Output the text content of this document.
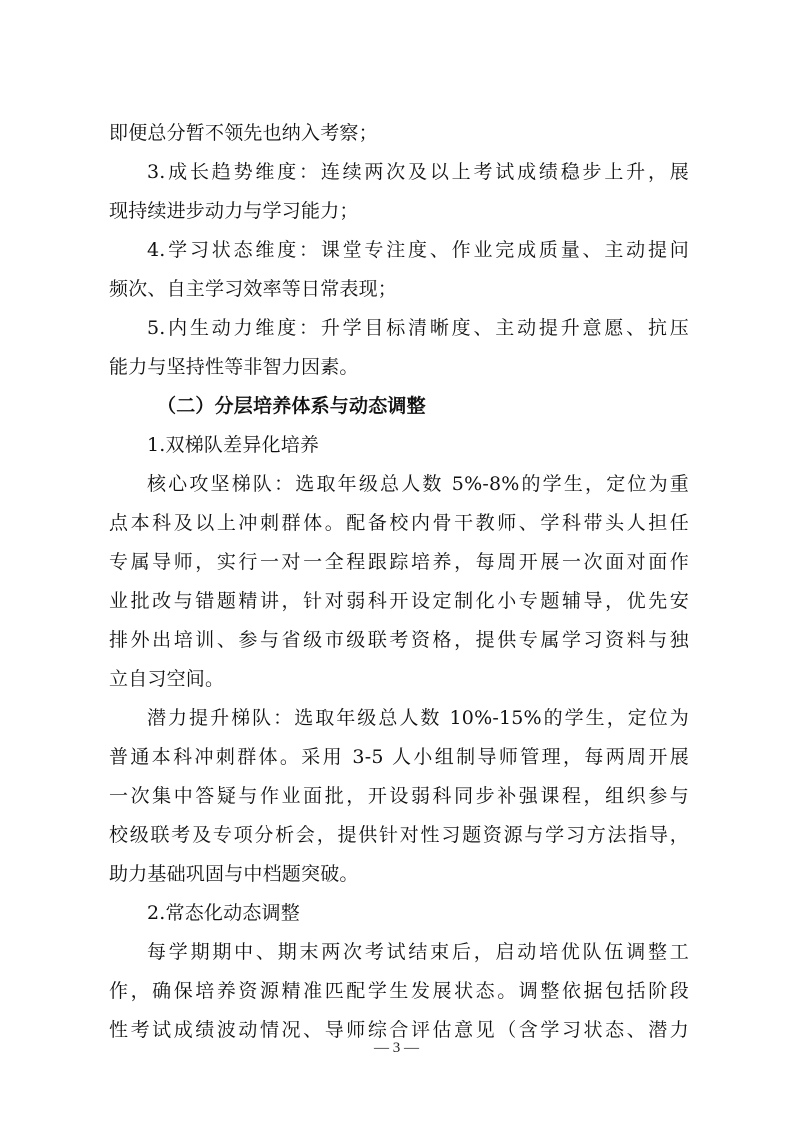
即便总分暂不领先也纳入考察；
3.成长趋势维度：连续两次及以上考试成绩稳步上升，展
现持续进步动力与学习能力；
4.学习状态维度：课堂专注度、作业完成质量、主动提问
频次、自主学习效率等日常表现；
5.内生动力维度：升学目标清晰度、主动提升意愿、抗压
能力与坚持性等非智力因素。
（二）分层培养体系与动态调整
1.双梯队差异化培养
核心攻坚梯队：选取年级总人数 5%-8%的学生，定位为重
点本科及以上冲刺群体。配备校内骨干教师、学科带头人担任
专属导师，实行一对一全程跟踪培养，每周开展一次面对面作
业批改与错题精讲，针对弱科开设定制化小专题辅导，优先安
排外出培训、参与省级市级联考资格，提供专属学习资料与独
立自习空间。
潜力提升梯队：选取年级总人数 10%-15%的学生，定位为
普通本科冲刺群体。采用 3-5 人小组制导师管理，每两周开展
一次集中答疑与作业面批，开设弱科同步补强课程，组织参与
校级联考及专项分析会，提供针对性习题资源与学习方法指导，
助力基础巩固与中档题突破。
2.常态化动态调整
每学期期中、期末两次考试结束后，启动培优队伍调整工
作，确保培养资源精准匹配学生发展状态。调整依据包括阶段
性考试成绩波动情况、导师综合评估意见（含学习状态、潜力
— 3 —
